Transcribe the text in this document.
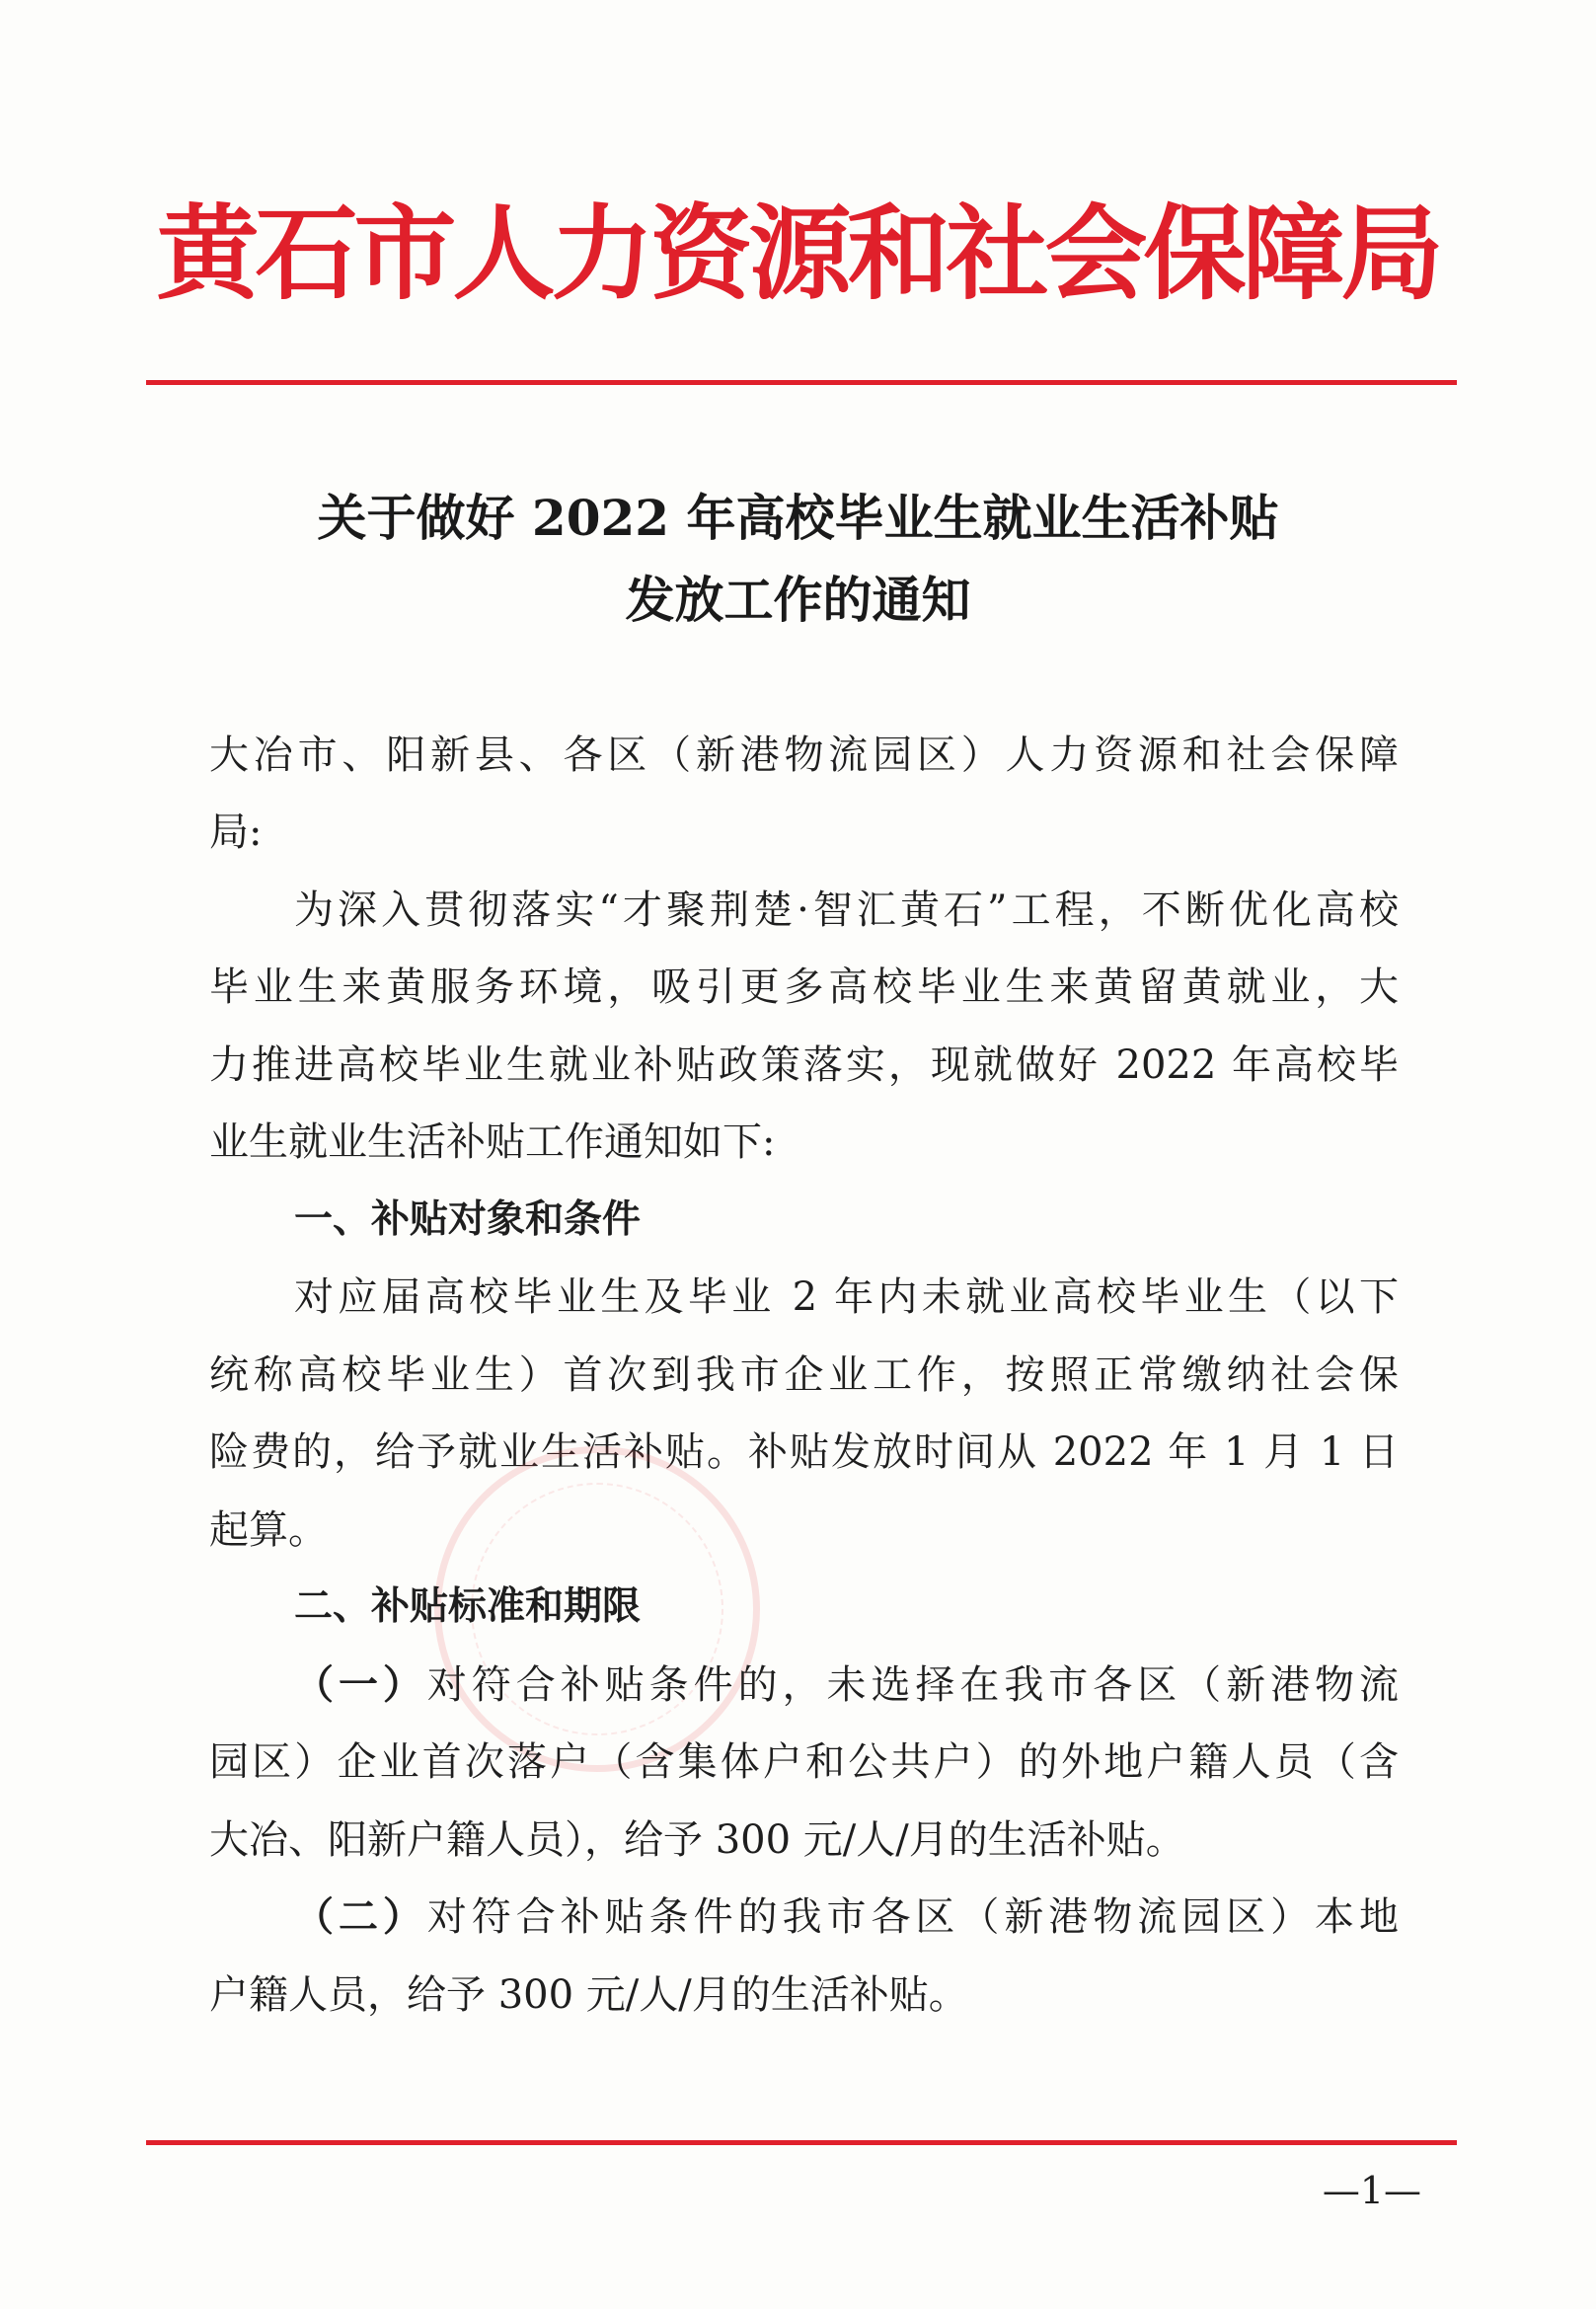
黄石市人力资源和社会保障局
关于做好 2022 年高校毕业生就业生活补贴
发放工作的通知
大冶市、阳新县、各区（新港物流园区）人力资源和社会保障
局:
为深入贯彻落实“才聚荆楚·智汇黄石”工程，不断优化高校
毕业生来黄服务环境，吸引更多高校毕业生来黄留黄就业，大
力推进高校毕业生就业补贴政策落实，现就做好 2022 年高校毕
业生就业生活补贴工作通知如下:
一、补贴对象和条件
对应届高校毕业生及毕业 2 年内未就业高校毕业生（以下
统称高校毕业生）首次到我市企业工作，按照正常缴纳社会保
险费的，给予就业生活补贴。补贴发放时间从 2022 年 1 月 1 日
起算。
二、补贴标准和期限
（一）对符合补贴条件的，未选择在我市各区（新港物流
园区）企业首次落户（含集体户和公共户）的外地户籍人员（含
大冶、阳新户籍人员），给予 300 元/人/月的生活补贴。
（二）对符合补贴条件的我市各区（新港物流园区）本地
户籍人员，给予 300 元/人/月的生活补贴。
—1—
